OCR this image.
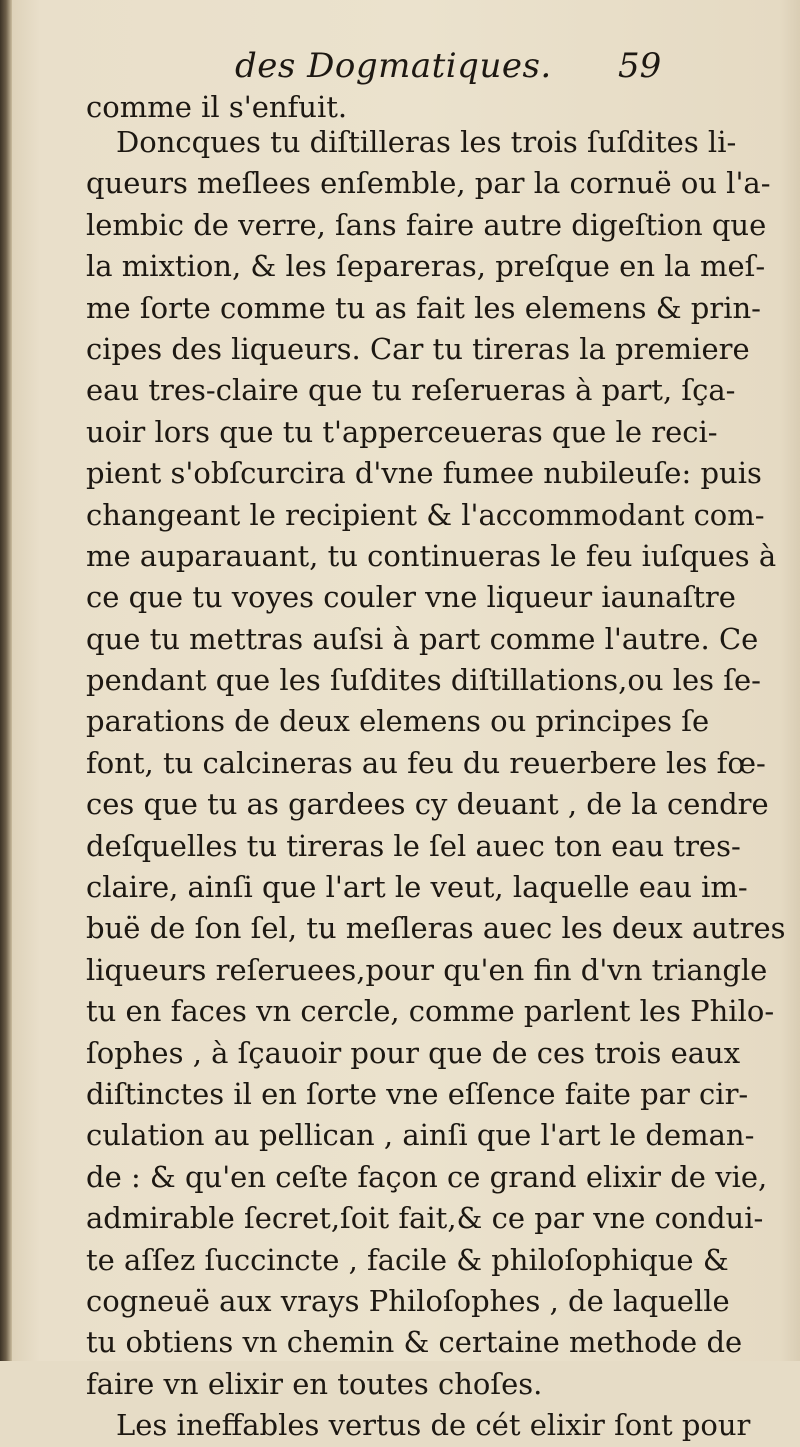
des Dogmatiques. 59
comme il s'enfuit.
Doncques tu diſtilleras les trois ſuſdites li-
queurs meſlees enſemble, par la cornuë ou l'a-
lembic de verre, ſans faire autre digeſtion que
la mixtion, & les ſepareras, preſque en la meſ-
me ſorte comme tu as fait les elemens & prin-
cipes des liqueurs. Car tu tireras la premiere
eau tres-claire que tu reſerueras à part, ſça-
uoir lors que tu t'apperceueras que le reci-
pient s'obſcurcira d'vne fumee nubileuſe: puis
changeant le recipient & l'accommodant com-
me auparauant, tu continueras le feu iuſques à
ce que tu voyes couler vne liqueur iaunaſtre
que tu mettras auſsi à part comme l'autre. Ce
pendant que les ſuſdites diſtillations,ou les ſe-
parations de deux elemens ou principes ſe
font, tu calcineras au feu du reuerbere les fœ-
ces que tu as gardees cy deuant , de la cendre
deſquelles tu tireras le ſel auec ton eau tres-
claire, ainſi que l'art le veut, laquelle eau im-
buë de ſon ſel, tu meſleras auec les deux autres
liqueurs reſeruees,pour qu'en fin d'vn triangle
tu en faces vn cercle, comme parlent les Philo-
ſophes , à ſçauoir pour que de ces trois eaux
diſtinctes il en ſorte vne eſſence faite par cir-
culation au pellican , ainſi que l'art le deman-
de : & qu'en ceſte façon ce grand elixir de vie,
admirable ſecret,ſoit fait,& ce par vne condui-
te aſſez ſuccincte , facile & philoſophique &
cogneuë aux vrays Philoſophes , de laquelle
tu obtiens vn chemin & certaine methode de
faire vn elixir en toutes choſes.
Les ineffables vertus de cét elixir ſont pour
